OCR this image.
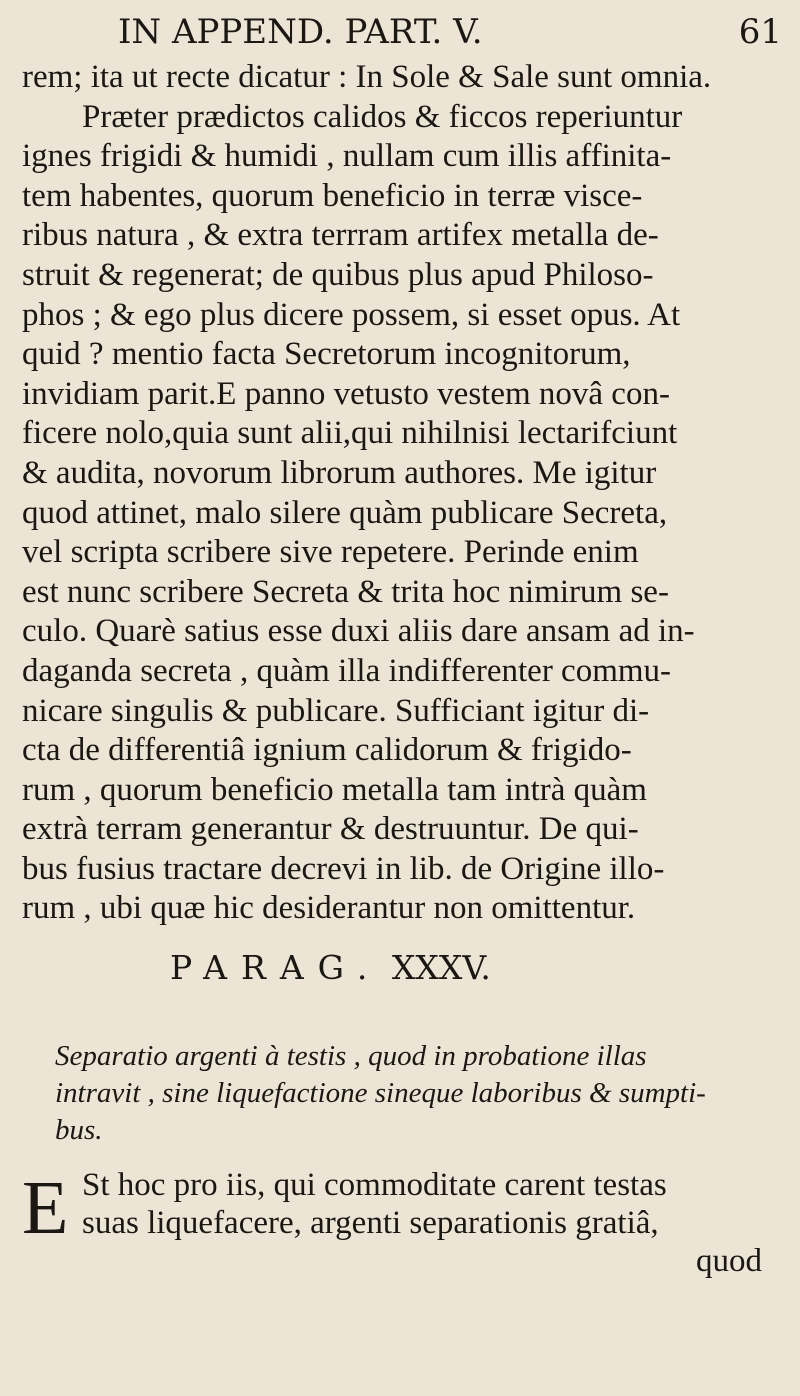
IN APPEND. PART. V.	61
rem; ita ut recte dicatur : In Sole & Sale sunt omnia.
Præter prædictos calidos & ficcos reperiuntur
ignes frigidi & humidi , nullam cum illis affinita-
tem habentes, quorum beneficio in terræ visce-
ribus natura , & extra terrram artifex metalla de-
struit & regenerat; de quibus plus apud Philoso-
phos ; & ego plus dicere possem, si esset opus. At
quid ? mentio facta Secretorum incognitorum,
invidiam parit.E panno vetusto vestem novâ con-
ficere nolo,quia sunt alii,qui nihilnisi lectarifciunt
& audita, novorum librorum authores. Me igitur
quod attinet, malo silere quàm publicare Secreta,
vel scripta scribere sive repetere. Perinde enim
est nunc scribere Secreta & trita hoc nimirum se-
culo. Quarè satius esse duxi aliis dare ansam ad in-
daganda secreta , quàm illa indifferenter commu-
nicare singulis & publicare. Sufficiant igitur di-
cta de differentiâ ignium calidorum & frigido-
rum , quorum beneficio metalla tam intrà quàm
extrà terram generantur & destruuntur. De qui-
bus fusius tractare decrevi in lib. de Origine illo-
rum , ubi quæ hic desiderantur non omittentur.
PARAG. XXXV.
Separatio argenti à testis , quod in probatione illas
intravit , sine liquefactione sineque laboribus & sumpti-
bus.
E St hoc pro iis, qui commoditate carent testas
suas liquefacere, argenti separationis gratiâ,
quod
